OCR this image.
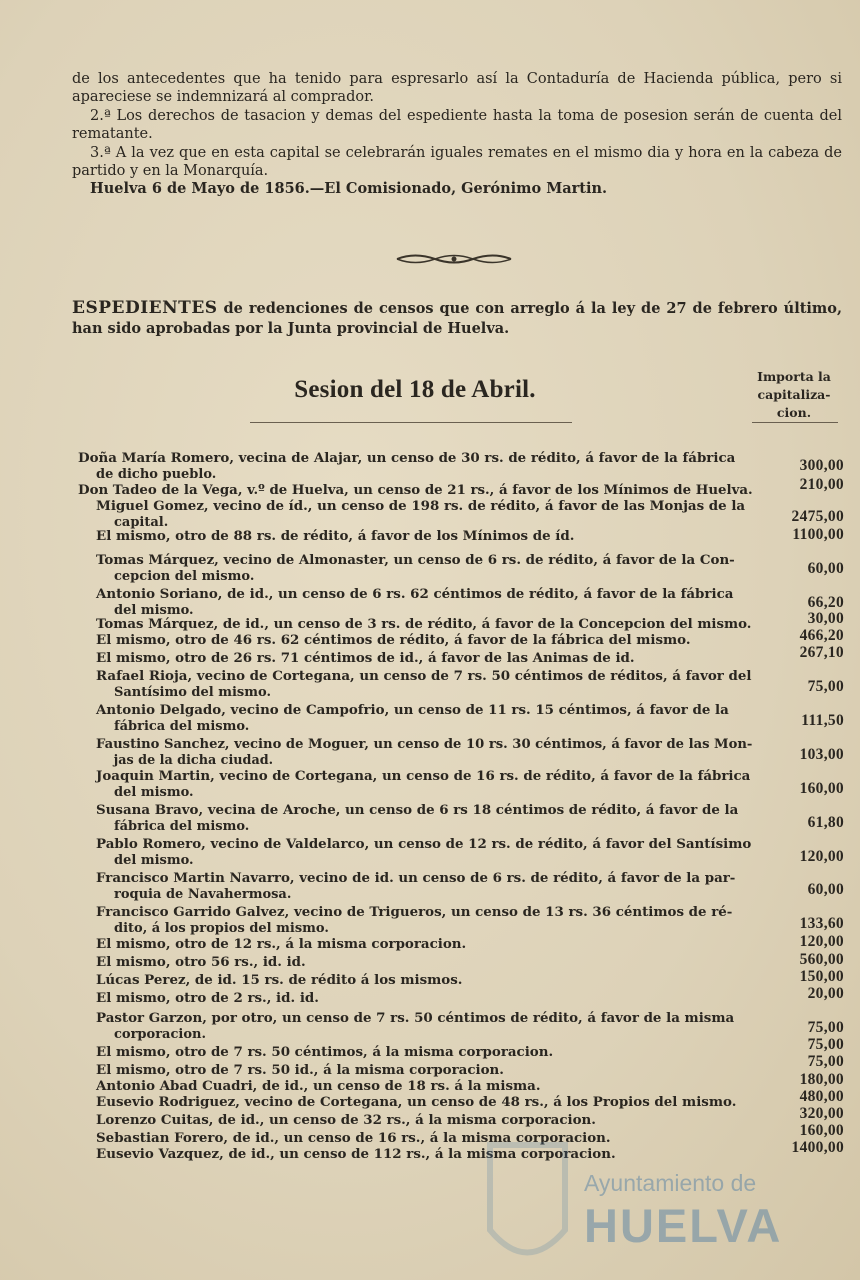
de los antecedentes que ha tenido para espresarlo así la Contaduría de Hacienda pública, pero si apareciese se indemnizará al comprador.

2.ª Los derechos de tasacion y demas del espediente hasta la toma de posesion serán de cuenta del rematante.

3.ª A la vez que en esta capital se celebrarán iguales remates en el mismo dia y hora en la cabeza de partido y en la Monarquía.

Huelva 6 de Mayo de 1856.—El Comisionado, Gerónimo Martin.

ESPEDIENTES de redenciones de censos que con arreglo á la ley de 27 de febrero último, han sido aprobadas por la Junta provincial de Huelva.
Sesion del 18 de Abril.	Importa la
capitaliza-
cion.
Doña María Romero, vecina de Alajar, un censo de 30 rs. de rédito, á favor de la fábrica
de dicho pueblo.	300,00
Don Tadeo de la Vega, v.º de Huelva, un censo de 21 rs., á favor de los Mínimos de Huelva.	210,00
Miguel Gomez, vecino de íd., un censo de 198 rs. de rédito, á favor de las Monjas de la
capital.	2475,00
El mismo, otro de 88 rs. de rédito, á favor de los Mínimos de íd.	1100,00
Tomas Márquez, vecino de Almonaster, un censo de 6 rs. de rédito, á favor de la Con-
cepcion del mismo.	60,00
Antonio Soriano, de id., un censo de 6 rs. 62 céntimos de rédito, á favor de la fábrica
del mismo.	66,20
Tomas Márquez, de id., un censo de 3 rs. de rédito, á favor de la Concepcion del mismo.	30,00
El mismo, otro de 46 rs. 62 céntimos de rédito, á favor de la fábrica del mismo.	466,20
El mismo, otro de 26 rs. 71 céntimos de id., á favor de las Animas de id.	267,10
Rafael Rioja, vecino de Cortegana, un censo de 7 rs. 50 céntimos de réditos, á favor del
Santísimo del mismo.	75,00
Antonio Delgado, vecino de Campofrio, un censo de 11 rs. 15 céntimos, á favor de la
fábrica del mismo.	111,50
Faustino Sanchez, vecino de Moguer, un censo de 10 rs. 30 céntimos, á favor de las Mon-
jas de la dicha ciudad.	103,00
Joaquin Martin, vecino de Cortegana, un censo de 16 rs. de rédito, á favor de la fábrica
del mismo.	160,00
Susana Bravo, vecina de Aroche, un censo de 6 rs 18 céntimos de rédito, á favor de la
fábrica del mismo.	61,80
Pablo Romero, vecino de Valdelarco, un censo de 12 rs. de rédito, á favor del Santísimo
del mismo.	120,00
Francisco Martin Navarro, vecino de id. un censo de 6 rs. de rédito, á favor de la par-
roquia de Navahermosa.	60,00
Francisco Garrido Galvez, vecino de Trigueros, un censo de 13 rs. 36 céntimos de ré-
dito, á los propios del mismo.	133,60
El mismo, otro de 12 rs., á la misma corporacion.	120,00
El mismo, otro 56 rs., id. id.	560,00
Lúcas Perez, de id. 15 rs. de rédito á los mismos.	150,00
El mismo, otro de 2 rs., id. id.	20,00
Pastor Garzon, por otro, un censo de 7 rs. 50 céntimos de rédito, á favor de la misma
corporacion.	75,00
El mismo, otro de 7 rs. 50 céntimos, á la misma corporacion.	75,00
El mismo, otro de 7 rs. 50 id., á la misma corporacion.	75,00
Antonio Abad Cuadri, de id., un censo de 18 rs. á la misma.	180,00
Eusevio Rodriguez, vecino de Cortegana, un censo de 48 rs., á los Propios del mismo.	480,00
Lorenzo Cuitas, de id., un censo de 32 rs., á la misma corporacion.	320,00
Sebastian Forero, de id., un censo de 16 rs., á la misma corporacion.	160,00
Eusevio Vazquez, de id., un censo de 112 rs., á la misma corporacion.	1400,00
Ayuntamiento de
HUELVA
